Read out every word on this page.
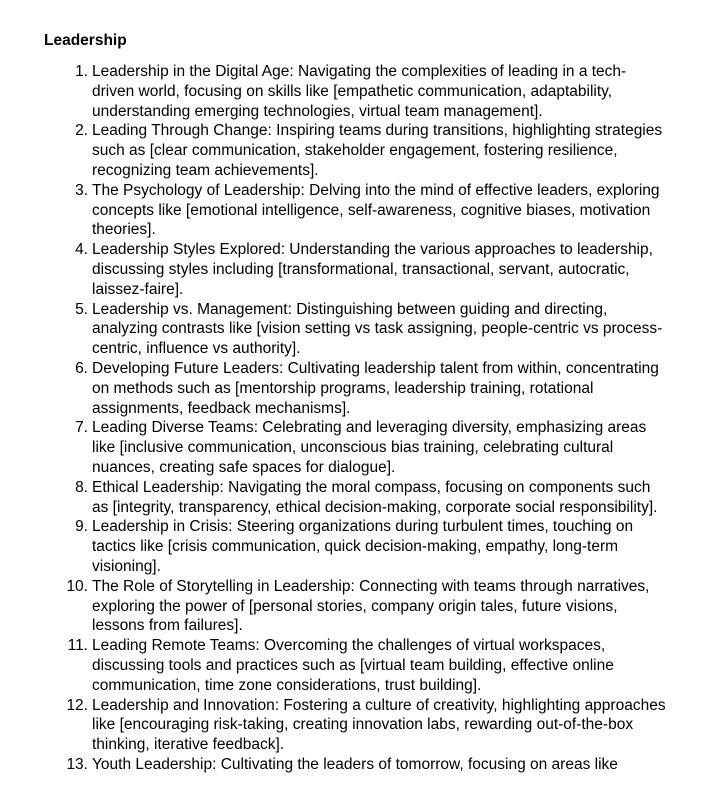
Leadership
1. Leadership in the Digital Age: Navigating the complexities of leading in a tech-driven world, focusing on skills like [empathetic communication, adaptability, understanding emerging technologies, virtual team management].
2. Leading Through Change: Inspiring teams during transitions, highlighting strategies such as [clear communication, stakeholder engagement, fostering resilience, recognizing team achievements].
3. The Psychology of Leadership: Delving into the mind of effective leaders, exploring concepts like [emotional intelligence, self-awareness, cognitive biases, motivation theories].
4. Leadership Styles Explored: Understanding the various approaches to leadership, discussing styles including [transformational, transactional, servant, autocratic, laissez-faire].
5. Leadership vs. Management: Distinguishing between guiding and directing, analyzing contrasts like [vision setting vs task assigning, people-centric vs process-centric, influence vs authority].
6. Developing Future Leaders: Cultivating leadership talent from within, concentrating on methods such as [mentorship programs, leadership training, rotational assignments, feedback mechanisms].
7. Leading Diverse Teams: Celebrating and leveraging diversity, emphasizing areas like [inclusive communication, unconscious bias training, celebrating cultural nuances, creating safe spaces for dialogue].
8. Ethical Leadership: Navigating the moral compass, focusing on components such as [integrity, transparency, ethical decision-making, corporate social responsibility].
9. Leadership in Crisis: Steering organizations during turbulent times, touching on tactics like [crisis communication, quick decision-making, empathy, long-term visioning].
10. The Role of Storytelling in Leadership: Connecting with teams through narratives, exploring the power of [personal stories, company origin tales, future visions, lessons from failures].
11. Leading Remote Teams: Overcoming the challenges of virtual workspaces, discussing tools and practices such as [virtual team building, effective online communication, time zone considerations, trust building].
12. Leadership and Innovation: Fostering a culture of creativity, highlighting approaches like [encouraging risk-taking, creating innovation labs, rewarding out-of-the-box thinking, iterative feedback].
13. Youth Leadership: Cultivating the leaders of tomorrow, focusing on areas like
